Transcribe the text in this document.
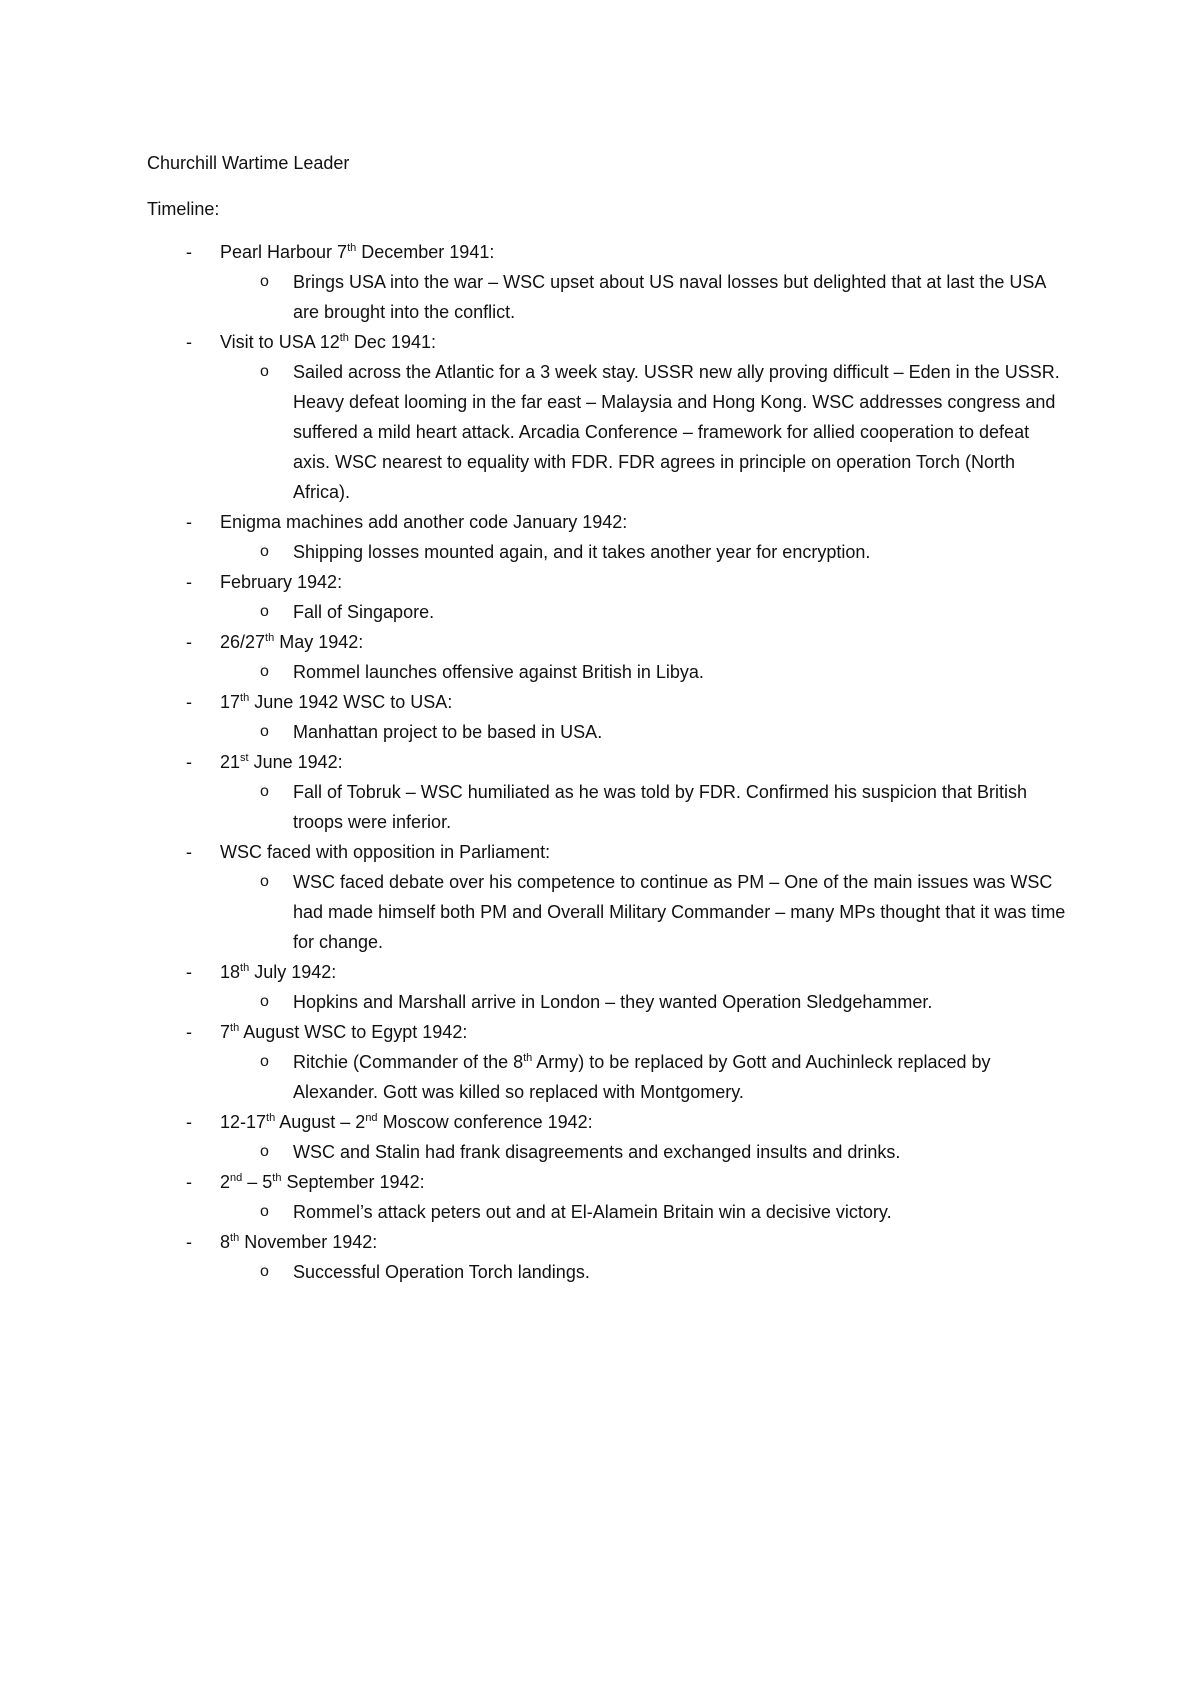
Churchill Wartime Leader
Timeline:
- Pearl Harbour 7th December 1941:
o Brings USA into the war – WSC upset about US naval losses but delighted that at last the USA are brought into the conflict.
- Visit to USA 12th Dec 1941:
o Sailed across the Atlantic for a 3 week stay. USSR new ally proving difficult – Eden in the USSR. Heavy defeat looming in the far east – Malaysia and Hong Kong. WSC addresses congress and suffered a mild heart attack. Arcadia Conference – framework for allied cooperation to defeat axis. WSC nearest to equality with FDR. FDR agrees in principle on operation Torch (North Africa).
- Enigma machines add another code January 1942:
o Shipping losses mounted again, and it takes another year for encryption.
- February 1942:
o Fall of Singapore.
- 26/27th May 1942:
o Rommel launches offensive against British in Libya.
- 17th June 1942 WSC to USA:
o Manhattan project to be based in USA.
- 21st June 1942:
o Fall of Tobruk – WSC humiliated as he was told by FDR. Confirmed his suspicion that British troops were inferior.
- WSC faced with opposition in Parliament:
o WSC faced debate over his competence to continue as PM – One of the main issues was WSC had made himself both PM and Overall Military Commander – many MPs thought that it was time for change.
- 18th July 1942:
o Hopkins and Marshall arrive in London – they wanted Operation Sledgehammer.
- 7th August WSC to Egypt 1942:
o Ritchie (Commander of the 8th Army) to be replaced by Gott and Auchinleck replaced by Alexander. Gott was killed so replaced with Montgomery.
- 12-17th August – 2nd Moscow conference 1942:
o WSC and Stalin had frank disagreements and exchanged insults and drinks.
- 2nd – 5th September 1942:
o Rommel’s attack peters out and at El-Alamein Britain win a decisive victory.
- 8th November 1942:
o Successful Operation Torch landings.
